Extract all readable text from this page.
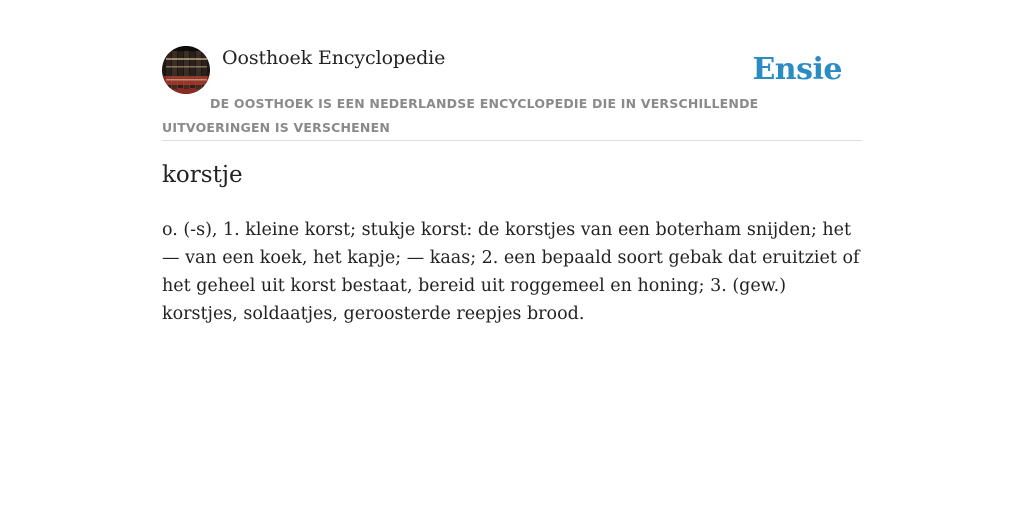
Oosthoek Encyclopedie	Ensie
DE OOSTHOEK IS EEN NEDERLANDSE ENCYCLOPEDIE DIE IN VERSCHILLENDE UITVOERINGEN IS VERSCHENEN
korstje

o. (-s), 1. kleine korst; stukje korst: de korstjes van een boterham snijden; het — van een koek, het kapje; — kaas; 2. een bepaald soort gebak dat eruitziet of het geheel uit korst bestaat, bereid uit roggemeel en honing; 3. (gew.) korstjes, soldaatjes, geroosterde reepjes brood.
